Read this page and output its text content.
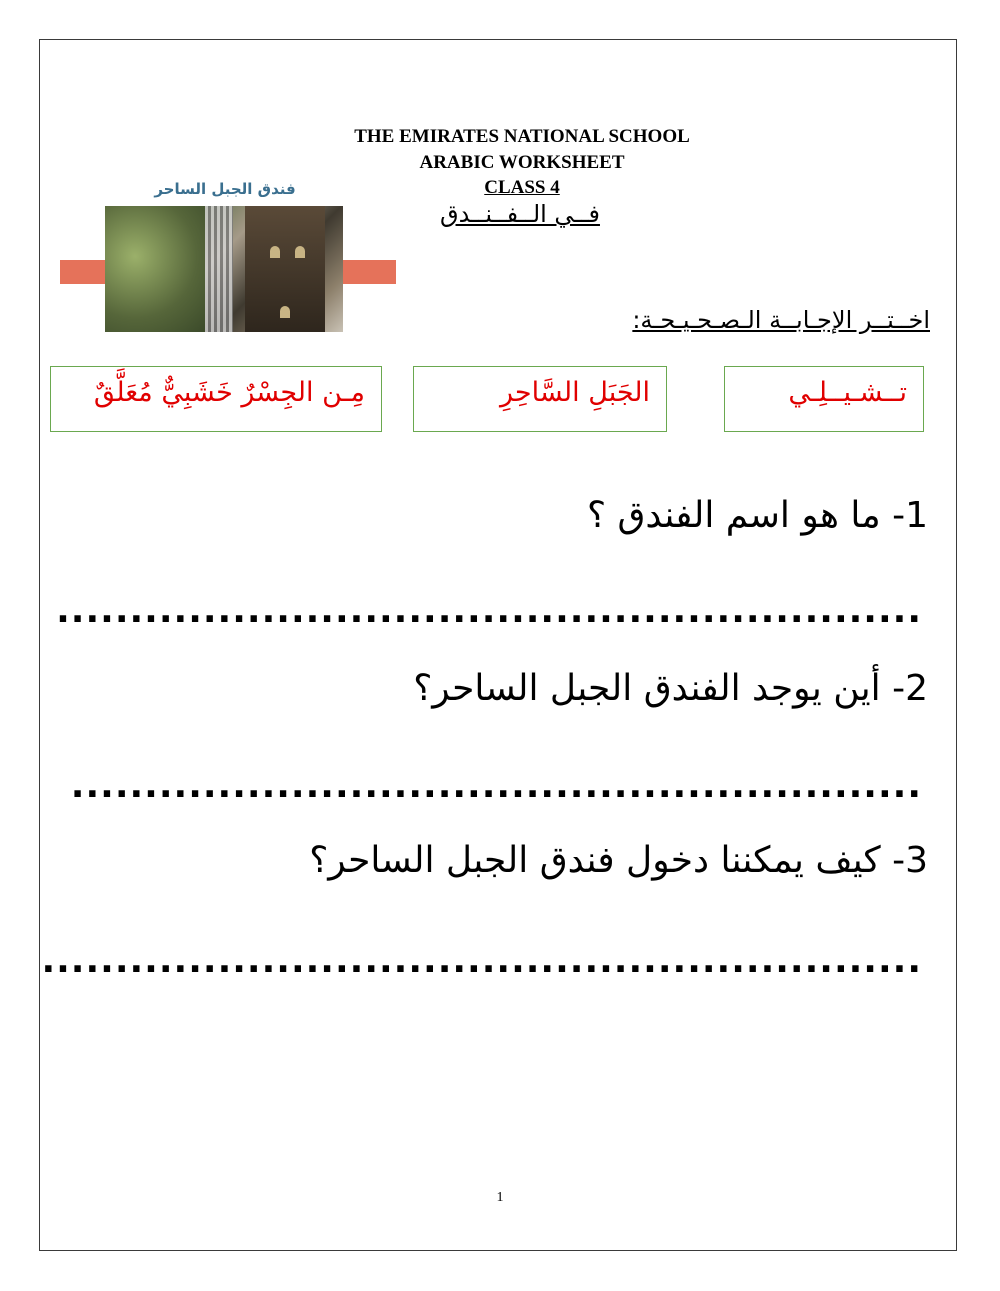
THE EMIRATES NATIONAL SCHOOL
ARABIC WORKSHEET
CLASS 4
فــي الــفــنــدق
فندق الجبل الساحر
اخــتــر الإجـابــة الـصـحـيـحـة:
تــشـيــلِـي
الجَبَلِ السَّاحِرِ
مِـن الجِسْرٌ خَشَبِيٌّ مُعَلَّقٌ
1- ما هو اسم الفندق ؟
...........................................................
2- أين يوجد الفندق الجبل الساحر؟
..........................................................
3- كيف يمكننا دخول فندق الجبل الساحر؟
............................................................
1
